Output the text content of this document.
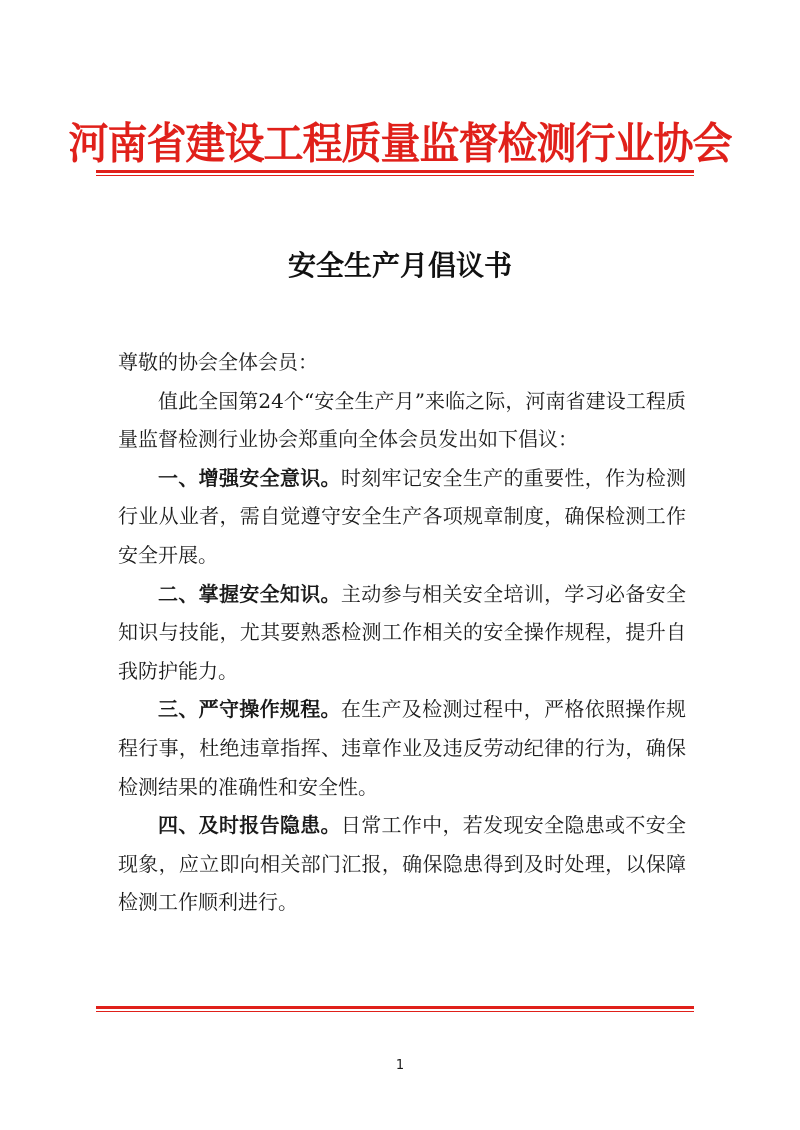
河南省建设工程质量监督检测行业协会
安全生产月倡议书

尊敬的协会全体会员：

值此全国第24个“安全生产月”来临之际，河南省建设工程质量监督检测行业协会郑重向全体会员发出如下倡议：

一、增强安全意识。时刻牢记安全生产的重要性，作为检测行业从业者，需自觉遵守安全生产各项规章制度，确保检测工作安全开展。

二、掌握安全知识。主动参与相关安全培训，学习必备安全知识与技能，尤其要熟悉检测工作相关的安全操作规程，提升自我防护能力。

三、严守操作规程。在生产及检测过程中，严格依照操作规程行事，杜绝违章指挥、违章作业及违反劳动纪律的行为，确保检测结果的准确性和安全性。

四、及时报告隐患。日常工作中，若发现安全隐患或不安全现象，应立即向相关部门汇报，确保隐患得到及时处理，以保障检测工作顺利进行。

1
